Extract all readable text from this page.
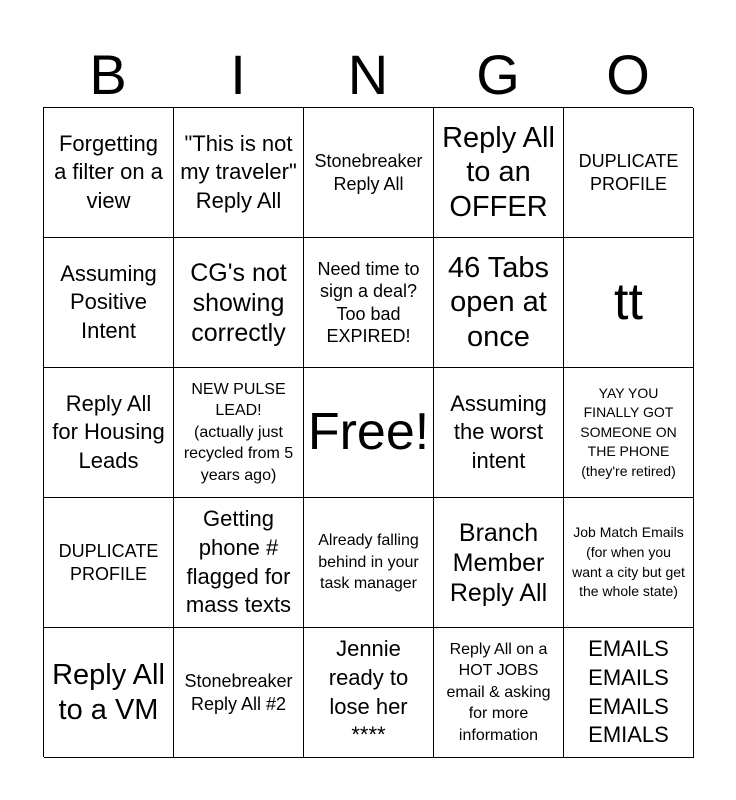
B	I	N	G	O
Forgetting a filter on a view
"This is not my traveler" Reply All
Stonebreaker Reply All
Reply All to an OFFER
DUPLICATE PROFILE
Assuming Positive Intent
CG's not showing correctly
Need time to sign a deal? Too bad EXPIRED!
46 Tabs open at once
tt
Reply All for Housing Leads
NEW PULSE LEAD!
(actually just recycled from 5 years ago)
Free!
Assuming the worst intent
YAY YOU FINALLY GOT SOMEONE ON THE PHONE
(they're retired)
DUPLICATE PROFILE
Getting phone # flagged for mass texts
Already falling behind in your task manager
Branch Member Reply All
Job Match Emails
(for when you want a city but get the whole state)
Reply All to a VM
Stonebreaker Reply All #2
Jennie ready to lose her ****
Reply All on a HOT JOBS email & asking for more information
EMAILS EMAILS EMAILS EMIALS
